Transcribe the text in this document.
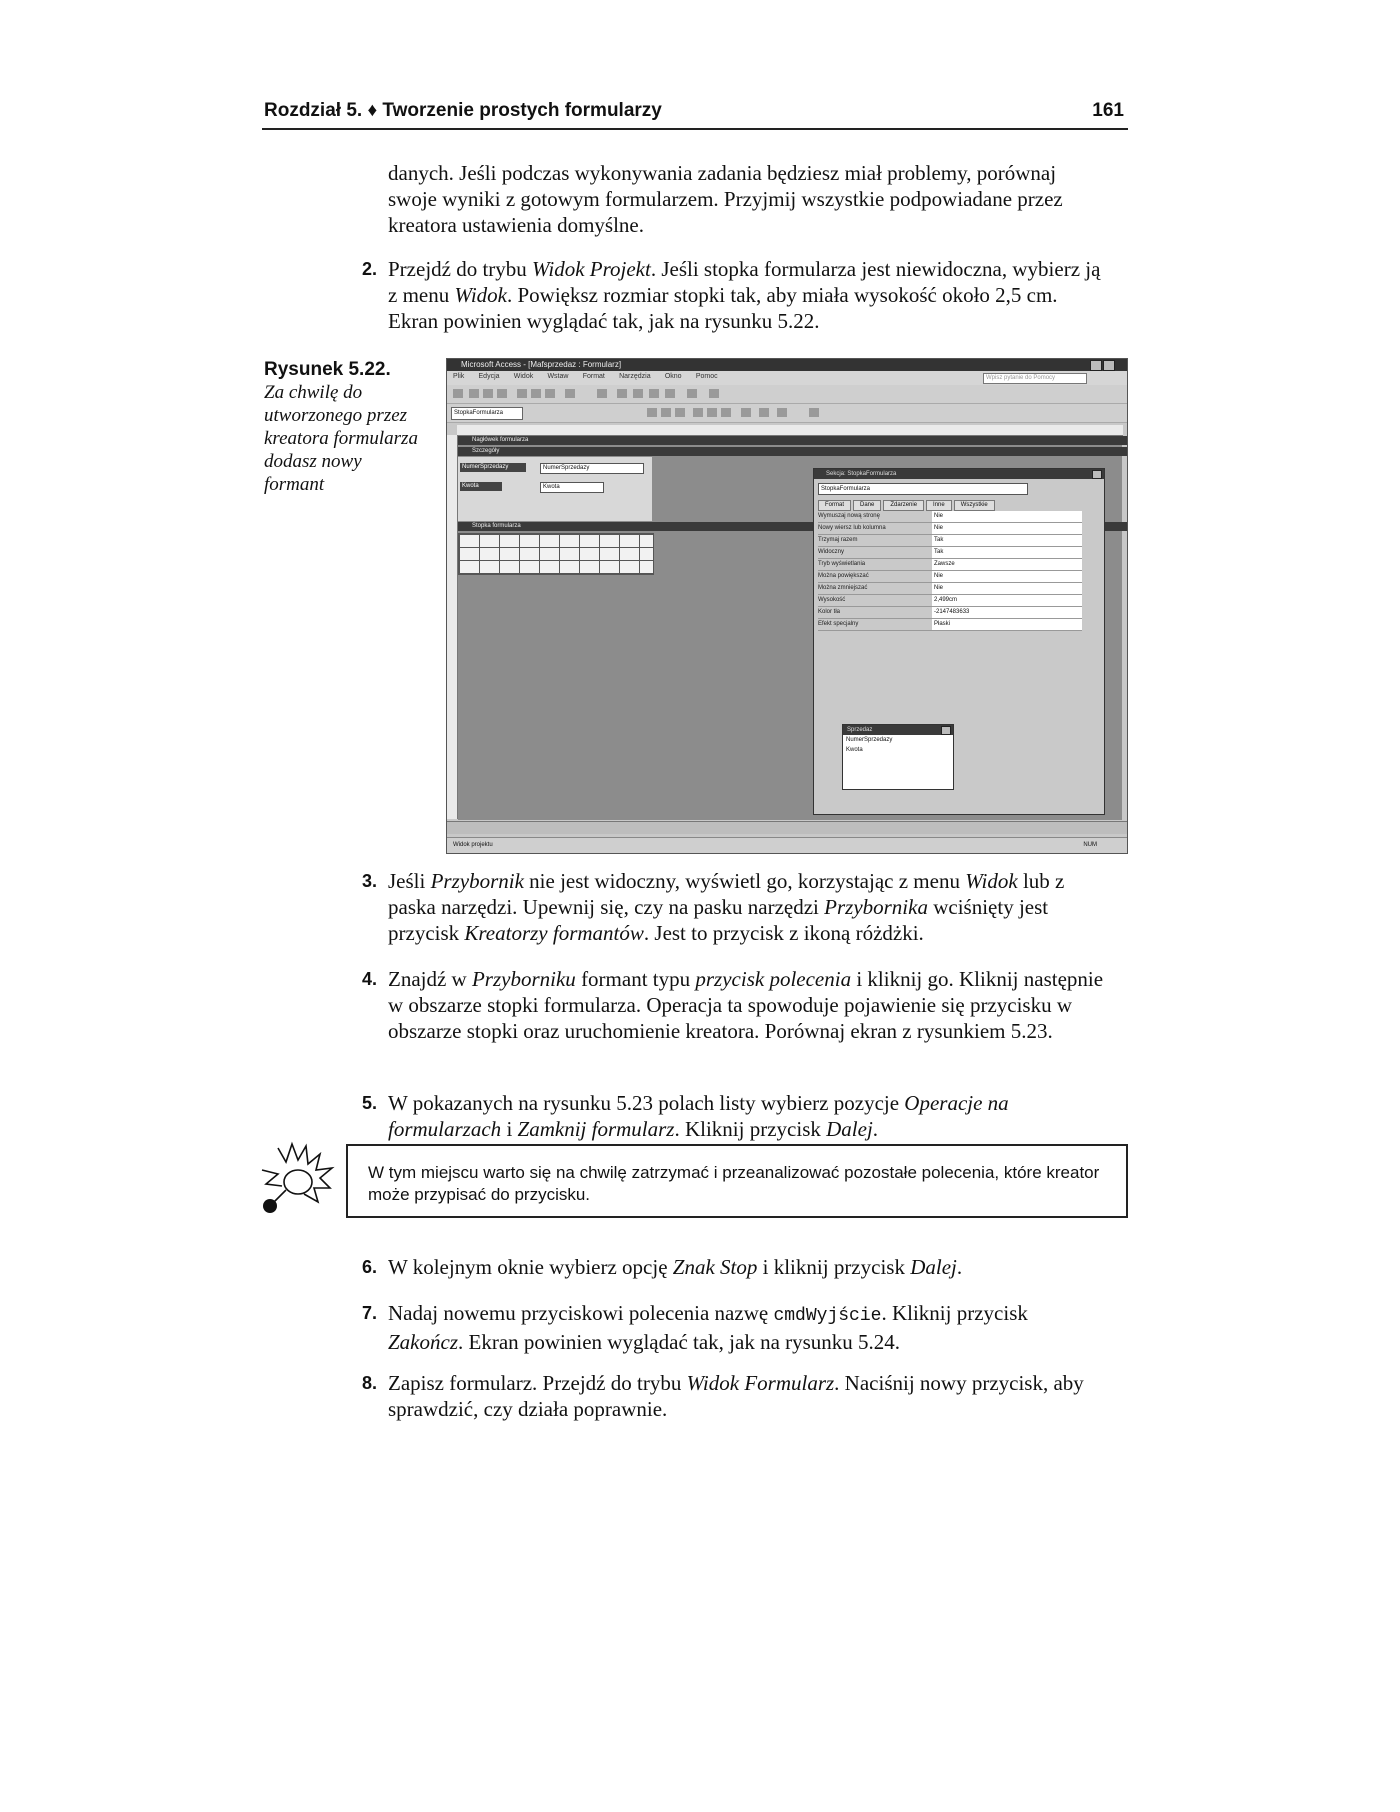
Rozdział 5. ♦ Tworzenie prostych formularzy	161

danych. Jeśli podczas wykonywania zadania będziesz miał problemy, porównaj swoje wyniki z gotowym formularzem. Przyjmij wszystkie podpowiadane przez kreatora ustawienia domyślne.

2. Przejdź do trybu Widok Projekt. Jeśli stopka formularza jest niewidoczna, wybierz ją z menu Widok. Powiększ rozmiar stopki tak, aby miała wysokość około 2,5 cm. Ekran powinien wyglądać tak, jak na rysunku 5.22.
Rysunek 5.22.
Za chwilę do utworzonego przez kreatora formularza dodasz nowy formant
Microsoft Access - [Mafsprzedaz : Formularz]
Plik Edycja Widok Wstaw Format Narzędzia Okno Pomoc	Wpisz pytanie do Pomocy
StopkaFormularza
Nagłówek formularza
Szczegóły
NumerSprzedazy	NumerSprzedazy
Kwota	Kwota
Stopka formularza
Sekcja: StopkaFormularza
StopkaFormularza
Format	Dane	Zdarzenie	Inne	Wszystkie
Wymuszaj nową stronę	Nie
Nowy wiersz lub kolumna	Nie
Trzymaj razem	Tak
Widoczny	Tak
Tryb wyświetlania	Zawsze
Można powiększać	Nie
Można zmniejszać	Nie
Wysokość	2,499cm
Kolor tła	-2147483633
Efekt specjalny	Płaski
Sprzedaz
NumerSprzedazy
Kwota
Widok projektu	NUM
3. Jeśli Przybornik nie jest widoczny, wyświetl go, korzystając z menu Widok lub z paska narzędzi. Upewnij się, czy na pasku narzędzi Przybornika wciśnięty jest przycisk Kreatorzy formantów. Jest to przycisk z ikoną różdżki.
4. Znajdź w Przyborniku formant typu przycisk polecenia i kliknij go. Kliknij następnie w obszarze stopki formularza. Operacja ta spowoduje pojawienie się przycisku w obszarze stopki oraz uruchomienie kreatora. Porównaj ekran z rysunkiem 5.23.
5. W pokazanych na rysunku 5.23 polach listy wybierz pozycje Operacje na formularzach i Zamknij formularz. Kliknij przycisk Dalej.
W tym miejscu warto się na chwilę zatrzymać i przeanalizować pozostałe polecenia, które kreator może przypisać do przycisku.
6. W kolejnym oknie wybierz opcję Znak Stop i kliknij przycisk Dalej.
7. Nadaj nowemu przyciskowi polecenia nazwę cmdWyjście. Kliknij przycisk Zakończ. Ekran powinien wyglądać tak, jak na rysunku 5.24.
8. Zapisz formularz. Przejdź do trybu Widok Formularz. Naciśnij nowy przycisk, aby sprawdzić, czy działa poprawnie.
